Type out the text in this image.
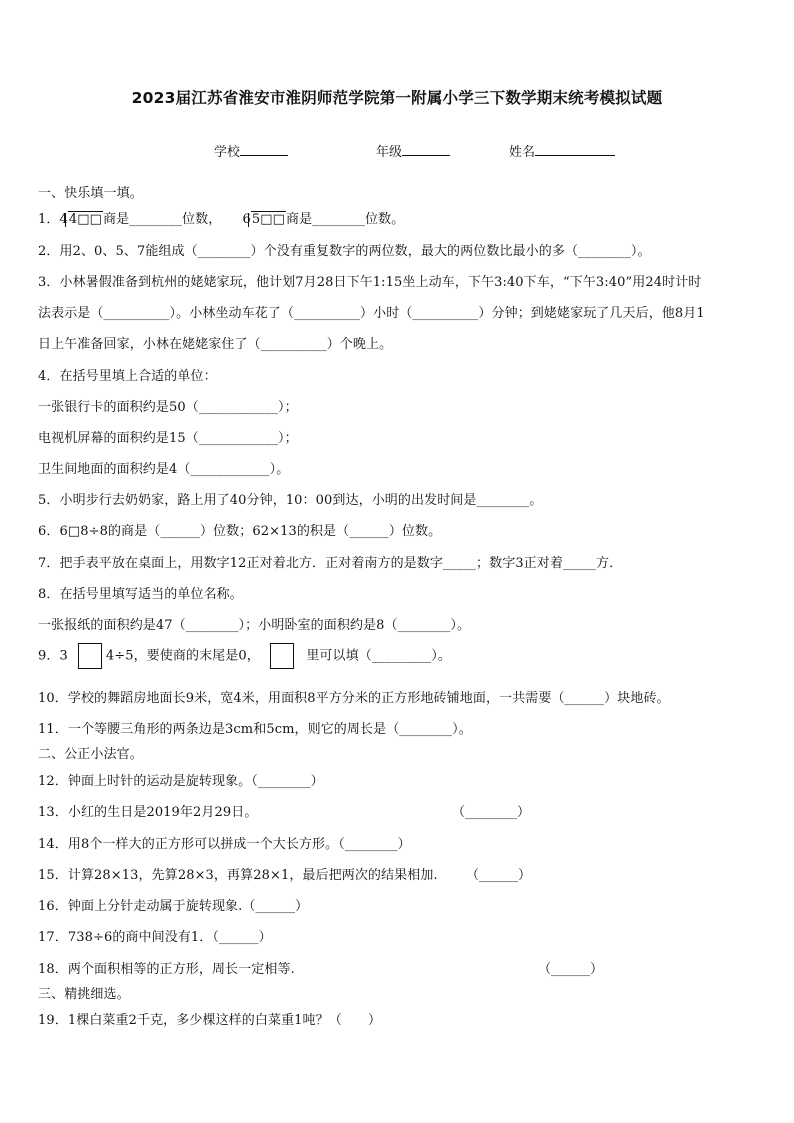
2023届江苏省淮安市淮阴师范学院第一附属小学三下数学期末统考模拟试题
学校	年级	姓名
一、快乐填一填。
1．44□□商是________位数， 65□□商是________位数。
2．用2、0、5、7能组成（________）个没有重复数字的两位数，最大的两位数比最小的多（________）。
3．小林暑假准备到杭州的姥姥家玩，他计划7月28日下午1:15坐上动车，下午3:40下车，“下午3:40”用24时计时
法表示是（__________）。小林坐动车花了（__________）小时（__________）分钟；到姥姥家玩了几天后，他8月1
日上午准备回家，小林在姥姥家住了（__________）个晚上。
4．在括号里填上合适的单位：
一张银行卡的面积约是50（____________）；
电视机屏幕的面积约是15（____________）；
卫生间地面的面积约是4（____________）。
5．小明步行去奶奶家，路上用了40分钟，10：00到达，小明的出发时间是________。
6．6□8÷8的商是（______）位数；62×13的积是（______）位数。
7．把手表平放在桌面上，用数字12正对着北方．正对着南方的是数字_____；数字3正对着_____方．
8．在括号里填写适当的单位名称。
一张报纸的面积约是47（________）；小明卧室的面积约是8（________）。
9．3	4÷5，要使商的末尾是0，	里可以填（_________）。
10．学校的舞蹈房地面长9米，宽4米，用面积8平方分米的正方形地砖铺地面，一共需要（______）块地砖。
11．一个等腰三角形的两条边是3cm和5cm，则它的周长是（________）。
二、公正小法官。
12．钟面上时针的运动是旋转现象。（________）
13．小红的生日是2019年2月29日。	（________）
14．用8个一样大的正方形可以拼成一个大长方形。（________）
15．计算28×13，先算28×3，再算28×1，最后把两次的结果相加. （______）
16．钟面上分针走动属于旋转现象.（______）
17．738÷6的商中间没有1．（______）
18．两个面积相等的正方形，周长一定相等.	（______）
三、精挑细选。
19．1棵白菜重2千克，多少棵这样的白菜重1吨？（　　）
